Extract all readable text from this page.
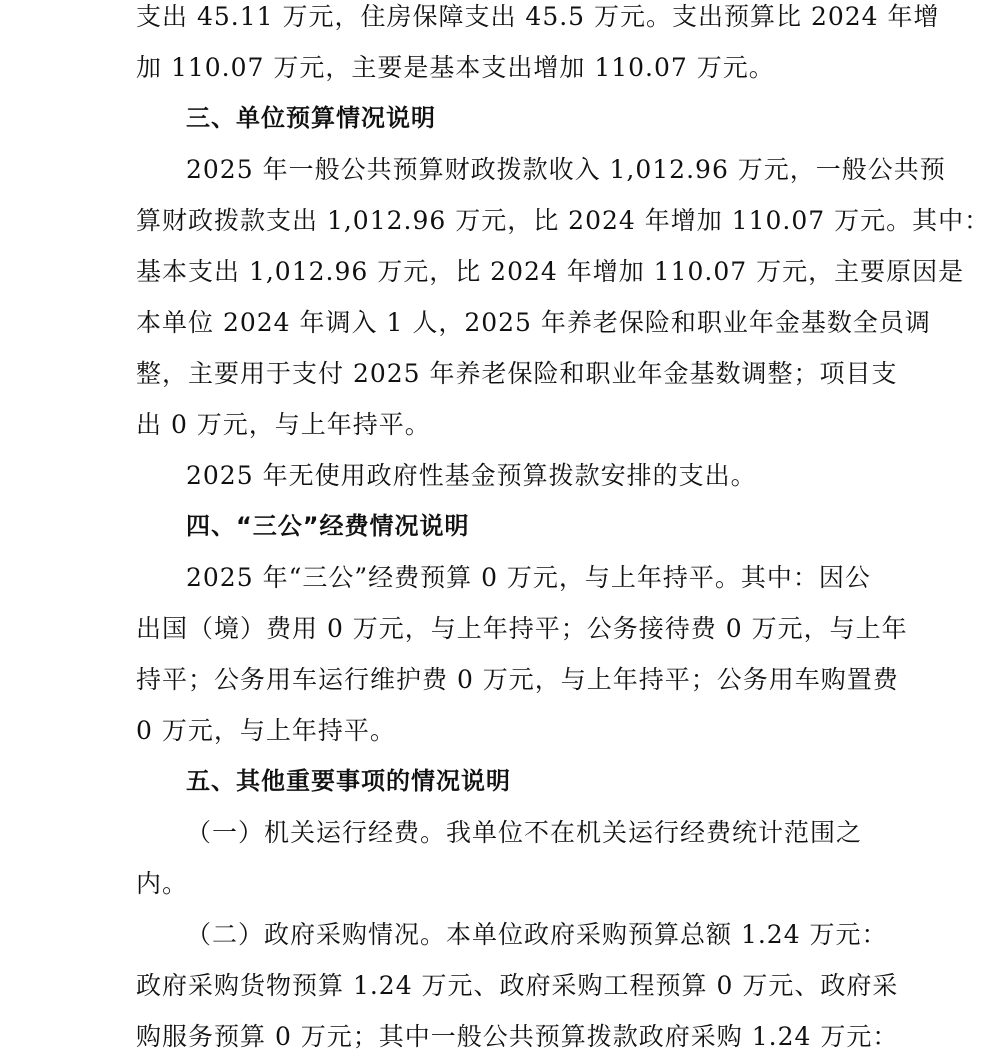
支出 45.11 万元，住房保障支出 45.5 万元。支出预算比 2024 年增
加 110.07 万元，主要是基本支出增加 110.07 万元。
三、单位预算情况说明
2025 年一般公共预算财政拨款收入 1,012.96 万元，一般公共预
算财政拨款支出 1,012.96 万元，比 2024 年增加 110.07 万元。其中：
基本支出 1,012.96 万元，比 2024 年增加 110.07 万元，主要原因是
本单位 2024 年调入 1 人，2025 年养老保险和职业年金基数全员调
整，主要用于支付 2025 年养老保险和职业年金基数调整；项目支
出 0 万元，与上年持平。
2025 年无使用政府性基金预算拨款安排的支出。
四、“三公”经费情况说明
2025 年“三公”经费预算 0 万元，与上年持平。其中：因公
出国（境）费用 0 万元，与上年持平；公务接待费 0 万元，与上年
持平；公务用车运行维护费 0 万元，与上年持平；公务用车购置费
0 万元，与上年持平。
五、其他重要事项的情况说明
（一）机关运行经费。我单位不在机关运行经费统计范围之
内。
（二）政府采购情况。本单位政府采购预算总额 1.24 万元：
政府采购货物预算 1.24 万元、政府采购工程预算 0 万元、政府采
购服务预算 0 万元；其中一般公共预算拨款政府采购 1.24 万元：
